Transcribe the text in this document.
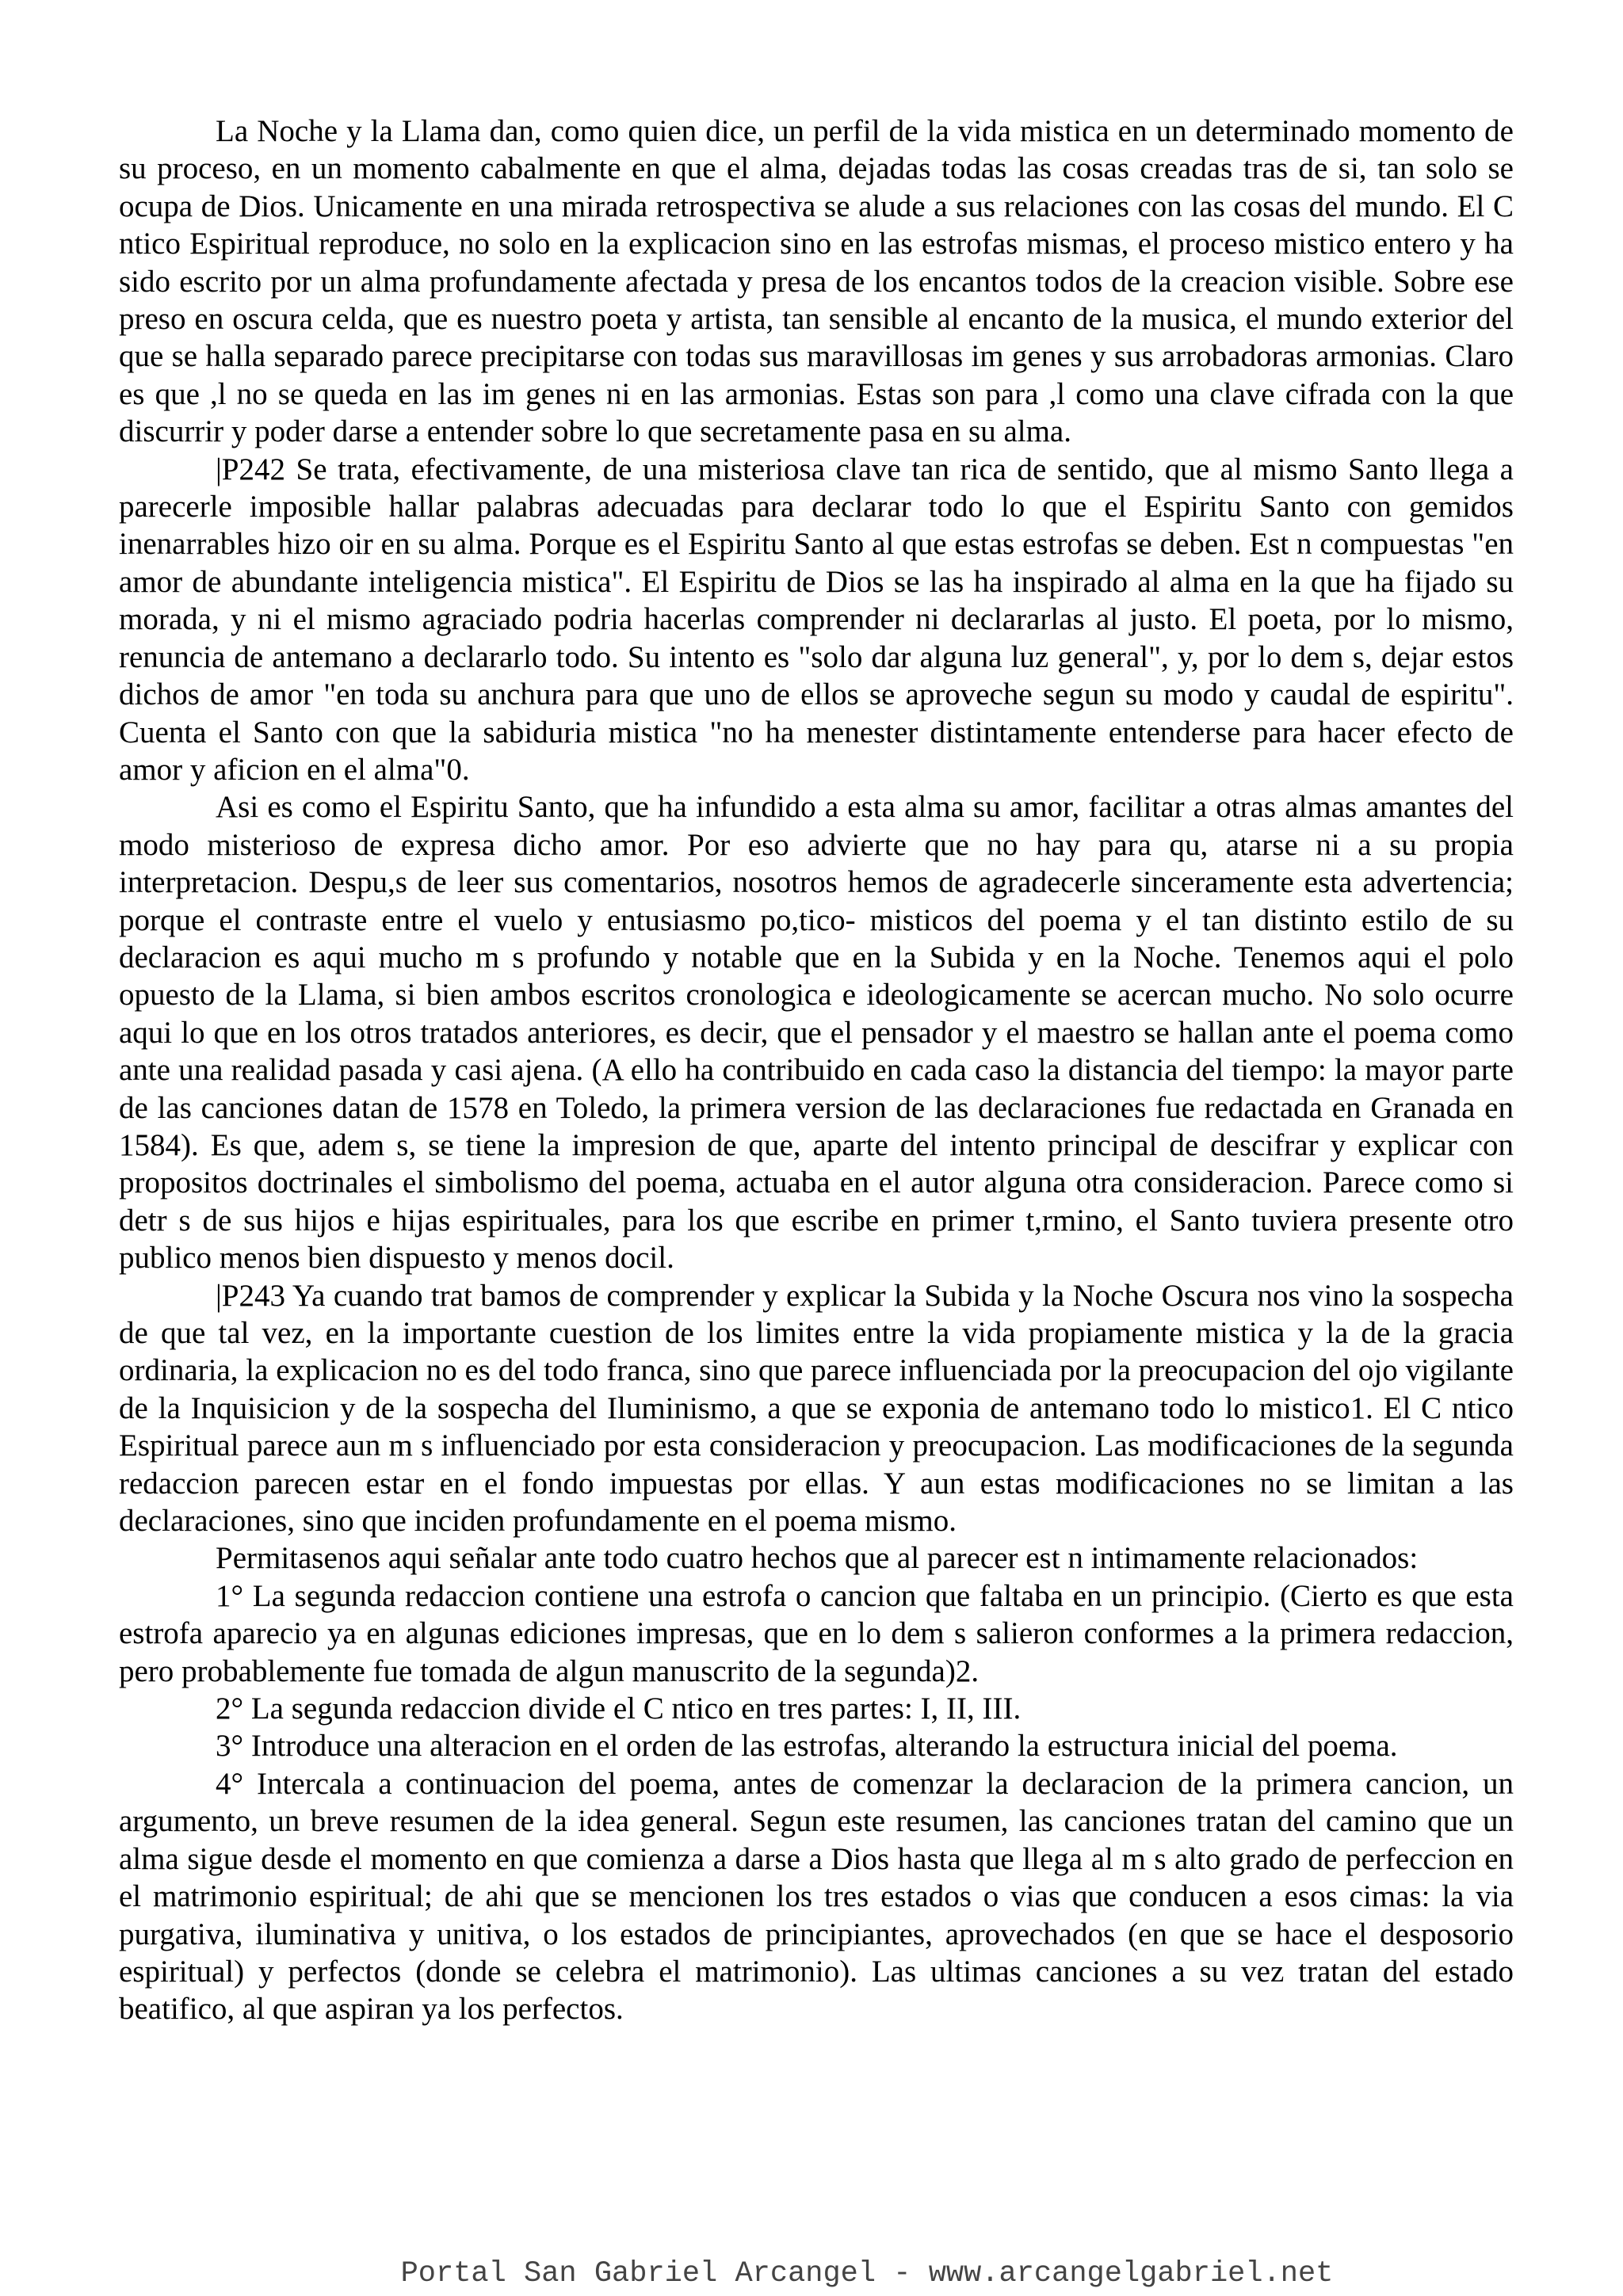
La Noche y la Llama dan, como quien dice, un perfil de la vida mistica en un determinado momento de su proceso, en un momento cabalmente en que el alma, dejadas todas las cosas creadas tras de si, tan solo se ocupa de Dios. Unicamente en una mirada retrospectiva se alude a sus relaciones con las cosas del mundo. El C ntico Espiritual reproduce, no solo en la explicacion sino en las estrofas mismas, el proceso mistico entero y ha sido escrito por un alma profundamente afectada y presa de los encantos todos de la creacion visible. Sobre ese preso en oscura celda, que es nuestro poeta y artista, tan sensible al encanto de la musica, el mundo exterior del que se halla separado parece precipitarse con todas sus maravillosas im genes y sus arrobadoras armonias. Claro es que ,l no se queda en las im genes ni en las armonias. Estas son para ,l como una clave cifrada con la que discurrir y poder darse a entender sobre lo que secretamente pasa en su alma.

|P242 Se trata, efectivamente, de una misteriosa clave tan rica de sentido, que al mismo Santo llega a parecerle imposible hallar palabras adecuadas para declarar todo lo que el Espiritu Santo con gemidos inenarrables hizo oir en su alma. Porque es el Espiritu Santo al que estas estrofas se deben. Est n compuestas "en amor de abundante inteligencia mistica". El Espiritu de Dios se las ha inspirado al alma en la que ha fijado su morada, y ni el mismo agraciado podria hacerlas comprender ni declararlas al justo. El poeta, por lo mismo, renuncia de antemano a declararlo todo. Su intento es "solo dar alguna luz general", y, por lo dem s, dejar estos dichos de amor "en toda su anchura para que uno de ellos se aproveche segun su modo y caudal de espiritu". Cuenta el Santo con que la sabiduria mistica "no ha menester distintamente entenderse para hacer efecto de amor y aficion en el alma"0.

Asi es como el Espiritu Santo, que ha infundido a esta alma su amor, facilitar a otras almas amantes del modo misterioso de expresa dicho amor. Por eso advierte que no hay para qu, atarse ni a su propia interpretacion. Despu,s de leer sus comentarios, nosotros hemos de agradecerle sinceramente esta advertencia; porque el contraste entre el vuelo y entusiasmo po,tico- misticos del poema y el tan distinto estilo de su declaracion es aqui mucho m s profundo y notable que en la Subida y en la Noche. Tenemos aqui el polo opuesto de la Llama, si bien ambos escritos cronologica e ideologicamente se acercan mucho. No solo ocurre aqui lo que en los otros tratados anteriores, es decir, que el pensador y el maestro se hallan ante el poema como ante una realidad pasada y casi ajena. (A ello ha contribuido en cada caso la distancia del tiempo: la mayor parte de las canciones datan de 1578 en Toledo, la primera version de las declaraciones fue redactada en Granada en 1584). Es que, adem s, se tiene la impresion de que, aparte del intento principal de descifrar y explicar con propositos doctrinales el simbolismo del poema, actuaba en el autor alguna otra consideracion. Parece como si detr s de sus hijos e hijas espirituales, para los que escribe en primer t,rmino, el Santo tuviera presente otro publico menos bien dispuesto y menos docil.

|P243 Ya cuando trat bamos de comprender y explicar la Subida y la Noche Oscura nos vino la sospecha de que tal vez, en la importante cuestion de los limites entre la vida propiamente mistica y la de la gracia ordinaria, la explicacion no es del todo franca, sino que parece influenciada por la preocupacion del ojo vigilante de la Inquisicion y de la sospecha del Iluminismo, a que se exponia de antemano todo lo mistico1. El C ntico Espiritual parece aun m s influenciado por esta consideracion y preocupacion. Las modificaciones de la segunda redaccion parecen estar en el fondo impuestas por ellas. Y aun estas modificaciones no se limitan a las declaraciones, sino que inciden profundamente en el poema mismo.

Permitasenos aqui señalar ante todo cuatro hechos que al parecer est n intimamente relacionados:

1° La segunda redaccion contiene una estrofa o cancion que faltaba en un principio. (Cierto es que esta estrofa aparecio ya en algunas ediciones impresas, que en lo dem s salieron conformes a la primera redaccion, pero probablemente fue tomada de algun manuscrito de la segunda)2.

2° La segunda redaccion divide el C ntico en tres partes: I, II, III.

3° Introduce una alteracion en el orden de las estrofas, alterando la estructura inicial del poema.

4° Intercala a continuacion del poema, antes de comenzar la declaracion de la primera cancion, un argumento, un breve resumen de la idea general. Segun este resumen, las canciones tratan del camino que un alma sigue desde el momento en que comienza a darse a Dios hasta que llega al m s alto grado de perfeccion en el matrimonio espiritual; de ahi que se mencionen los tres estados o vias que conducen a esos cimas: la via purgativa, iluminativa y unitiva, o los estados de principiantes, aprovechados (en que se hace el desposorio espiritual) y perfectos (donde se celebra el matrimonio). Las ultimas canciones a su vez tratan del estado beatifico, al que aspiran ya los perfectos.

Portal San Gabriel Arcangel - www.arcangelgabriel.net
